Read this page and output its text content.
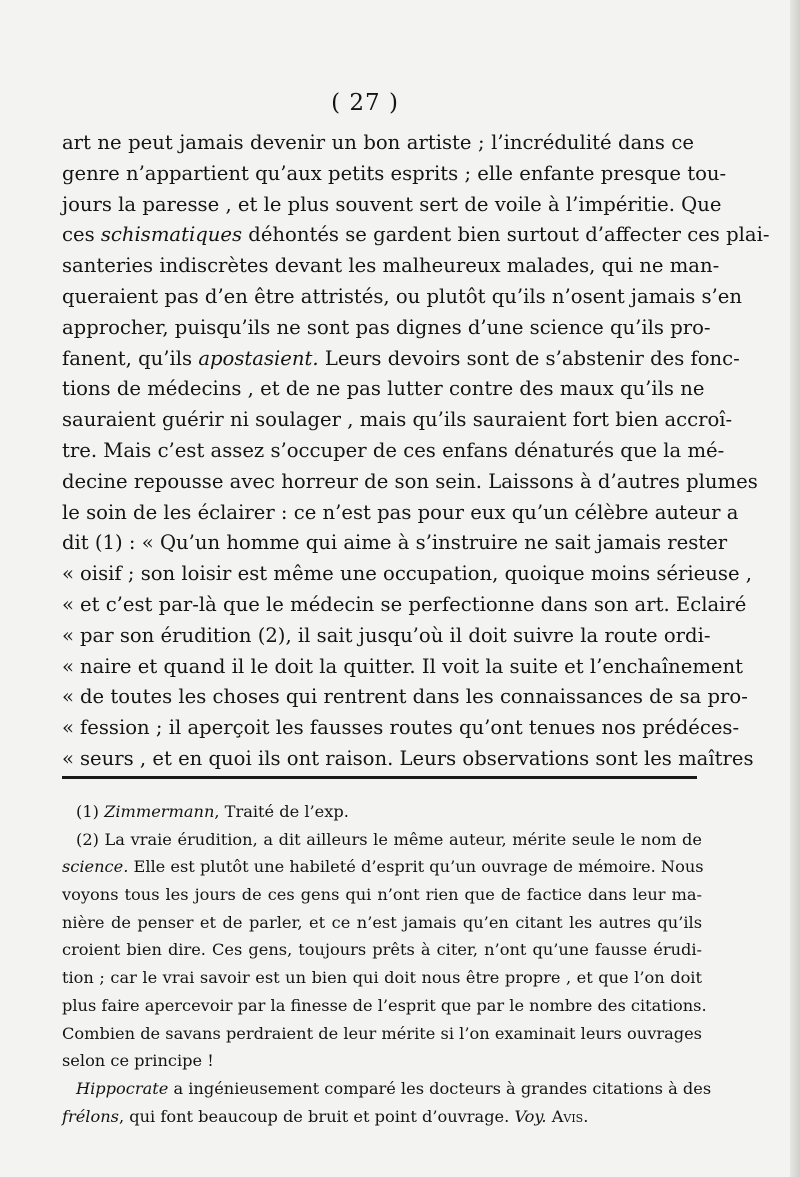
( 27 )
art ne peut jamais devenir un bon artiste ; l’incrédulité dans ce
genre n’appartient qu’aux petits esprits ; elle enfante presque tou-
jours la paresse , et le plus souvent sert de voile à l’impéritie. Que
ces schismatiques déhontés se gardent bien surtout d’affecter ces plai-
santeries indiscrètes devant les malheureux malades, qui ne man-
queraient pas d’en être attristés, ou plutôt qu’ils n’osent jamais s’en
approcher, puisqu’ils ne sont pas dignes d’une science qu’ils pro-
fanent, qu’ils apostasient. Leurs devoirs sont de s’abstenir des fonc-
tions de médecins , et de ne pas lutter contre des maux qu’ils ne
sauraient guérir ni soulager , mais qu’ils sauraient fort bien accroî-
tre. Mais c’est assez s’occuper de ces enfans dénaturés que la mé-
decine repousse avec horreur de son sein. Laissons à d’autres plumes
le soin de les éclairer : ce n’est pas pour eux qu’un célèbre auteur a
dit (1) : « Qu’un homme qui aime à s’instruire ne sait jamais rester
« oisif ; son loisir est même une occupation, quoique moins sérieuse ,
« et c’est par-là que le médecin se perfectionne dans son art. Eclairé
« par son érudition (2), il sait jusqu’où il doit suivre la route ordi-
« naire et quand il le doit la quitter. Il voit la suite et l’enchaînement
« de toutes les choses qui rentrent dans les connaissances de sa pro-
« fession ; il aperçoit les fausses routes qu’ont tenues nos prédéces-
« seurs , et en quoi ils ont raison. Leurs observations sont les maîtres
(1) Zimmermann, Traité de l’exp.
(2) La vraie érudition, a dit ailleurs le même auteur, mérite seule le nom de
science. Elle est plutôt une habileté d’esprit qu’un ouvrage de mémoire. Nous
voyons tous les jours de ces gens qui n’ont rien que de factice dans leur ma-
nière de penser et de parler, et ce n’est jamais qu’en citant les autres qu’ils
croient bien dire. Ces gens, toujours prêts à citer, n’ont qu’une fausse érudi-
tion ; car le vrai savoir est un bien qui doit nous être propre , et que l’on doit
plus faire apercevoir par la finesse de l’esprit que par le nombre des citations.
Combien de savans perdraient de leur mérite si l’on examinait leurs ouvrages
selon ce principe !
Hippocrate a ingénieusement comparé les docteurs à grandes citations à des
frélons, qui font beaucoup de bruit et point d’ouvrage. Voy. Avis.
